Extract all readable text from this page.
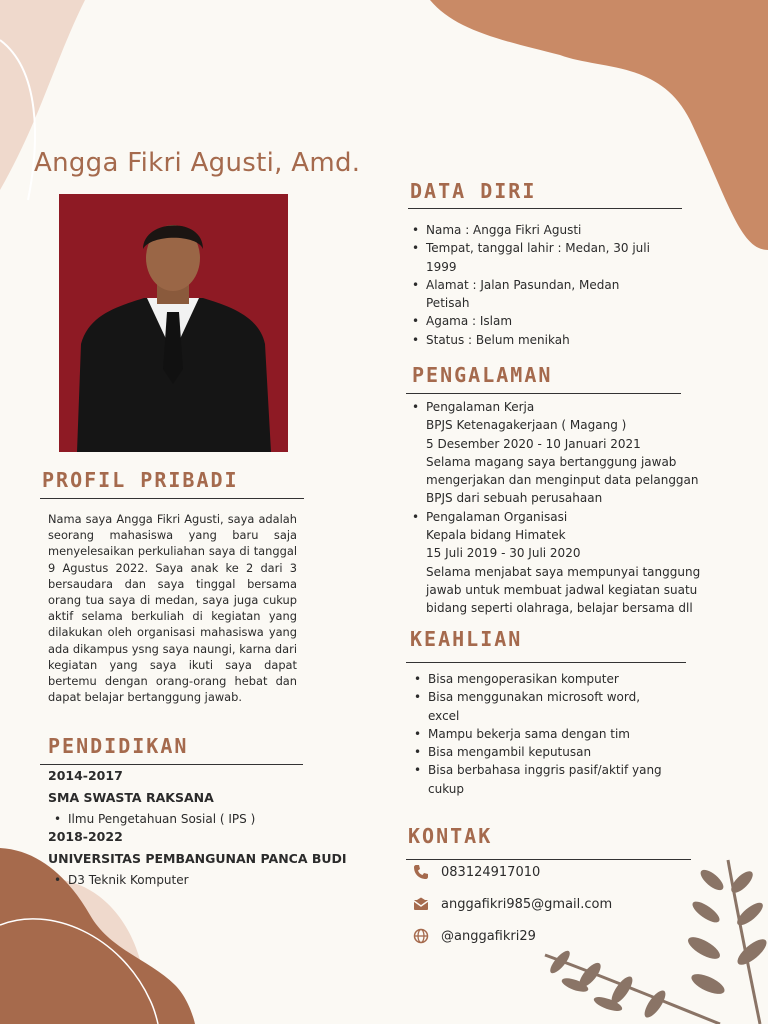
Angga Fikri Agusti, Amd.
DATA DIRI
• Nama : Angga Fikri Agusti
• Tempat, tanggal lahir : Medan, 30 juli 1999
• Alamat : Jalan Pasundan, Medan Petisah
• Agama : Islam
• Status : Belum menikah
PENGALAMAN
• Pengalaman Kerja
BPJS Ketenagakerjaan ( Magang )
5 Desember 2020 - 10 Januari 2021
Selama magang saya bertanggung jawab mengerjakan dan menginput data pelanggan BPJS dari sebuah perusahaan
• Pengalaman Organisasi
Kepala bidang Himatek
15 Juli 2019 - 30 Juli 2020
Selama menjabat saya mempunyai tanggung jawab untuk membuat jadwal kegiatan suatu bidang seperti olahraga, belajar bersama dll
KEAHLIAN
• Bisa mengoperasikan komputer
• Bisa menggunakan microsoft word, excel
• Mampu bekerja sama dengan tim
• Bisa mengambil keputusan
• Bisa berbahasa inggris pasif/aktif yang cukup
KONTAK
083124917010
anggafikri985@gmail.com
@anggafikri29
PROFIL PRIBADI
Nama saya Angga Fikri Agusti, saya adalah seorang mahasiswa yang baru saja menyelesaikan perkuliahan saya di tanggal 9 Agustus 2022. Saya anak ke 2 dari 3 bersaudara dan saya tinggal bersama orang tua saya di medan, saya juga cukup aktif selama berkuliah di kegiatan yang dilakukan oleh organisasi mahasiswa yang ada dikampus ysng saya naungi, karna dari kegiatan yang saya ikuti saya dapat bertemu dengan orang-orang hebat dan dapat belajar bertanggung jawab.
PENDIDIKAN
2014-2017
SMA SWASTA RAKSANA
• Ilmu Pengetahuan Sosial ( IPS )
2018-2022
UNIVERSITAS PEMBANGUNAN PANCA BUDI
• D3 Teknik Komputer
